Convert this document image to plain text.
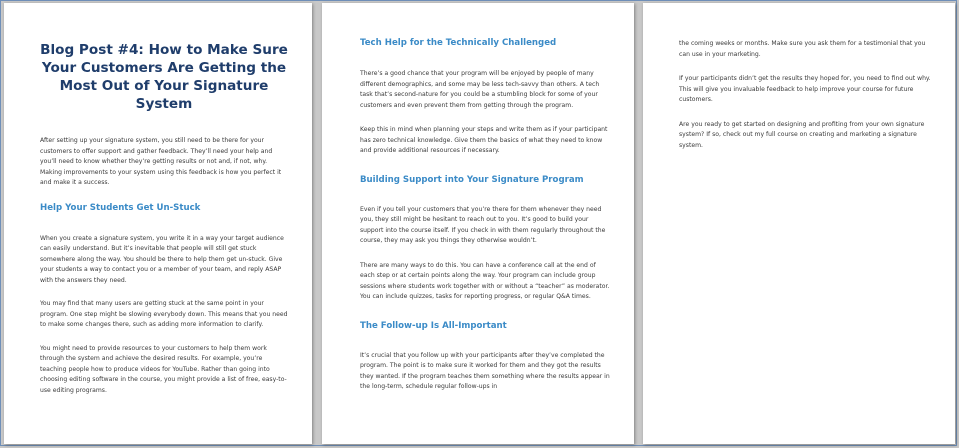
Blog Post #4: How to Make Sure Your Customers Are Getting the Most Out of Your Signature System

After setting up your signature system, you still need to be there for your customers to offer support and gather feedback. They’ll need your help and you’ll need to know whether they’re getting results or not and, if not, why. Making improvements to your system using this feedback is how you perfect it and make it a success.

Help Your Students Get Un-Stuck

When you create a signature system, you write it in a way your target audience can easily understand. But it’s inevitable that people will still get stuck somewhere along the way. You should be there to help them get un-stuck. Give your students a way to contact you or a member of your team, and reply ASAP with the answers they need.

You may find that many users are getting stuck at the same point in your program. One step might be slowing everybody down. This means that you need to make some changes there, such as adding more information to clarify.

You might need to provide resources to your customers to help them work through the system and achieve the desired results. For example, you’re teaching people how to produce videos for YouTube. Rather than going into choosing editing software in the course, you might provide a list of free, easy-to-use editing programs.

Tech Help for the Technically Challenged

There’s a good chance that your program will be enjoyed by people of many different demographics, and some may be less tech-savvy than others. A tech task that’s second-nature for you could be a stumbling block for some of your customers and even prevent them from getting through the program.

Keep this in mind when planning your steps and write them as if your participant has zero technical knowledge. Give them the basics of what they need to know and provide additional resources if necessary.

Building Support into Your Signature Program

Even if you tell your customers that you’re there for them whenever they need you, they still might be hesitant to reach out to you. It’s good to build your support into the course itself. If you check in with them regularly throughout the course, they may ask you things they otherwise wouldn’t.

There are many ways to do this. You can have a conference call at the end of each step or at certain points along the way. Your program can include group sessions where students work together with or without a “teacher” as moderator. You can include quizzes, tasks for reporting progress, or regular Q&A times.

The Follow-up Is All-Important

It’s crucial that you follow up with your participants after they’ve completed the program. The point is to make sure it worked for them and they got the results they wanted. If the program teaches them something where the results appear in the long-term, schedule regular follow-ups in

the coming weeks or months. Make sure you ask them for a testimonial that you can use in your marketing.

If your participants didn’t get the results they hoped for, you need to find out why. This will give you invaluable feedback to help improve your course for future customers.

Are you ready to get started on designing and profiting from your own signature system? If so, check out my full course on creating and marketing a signature system.
